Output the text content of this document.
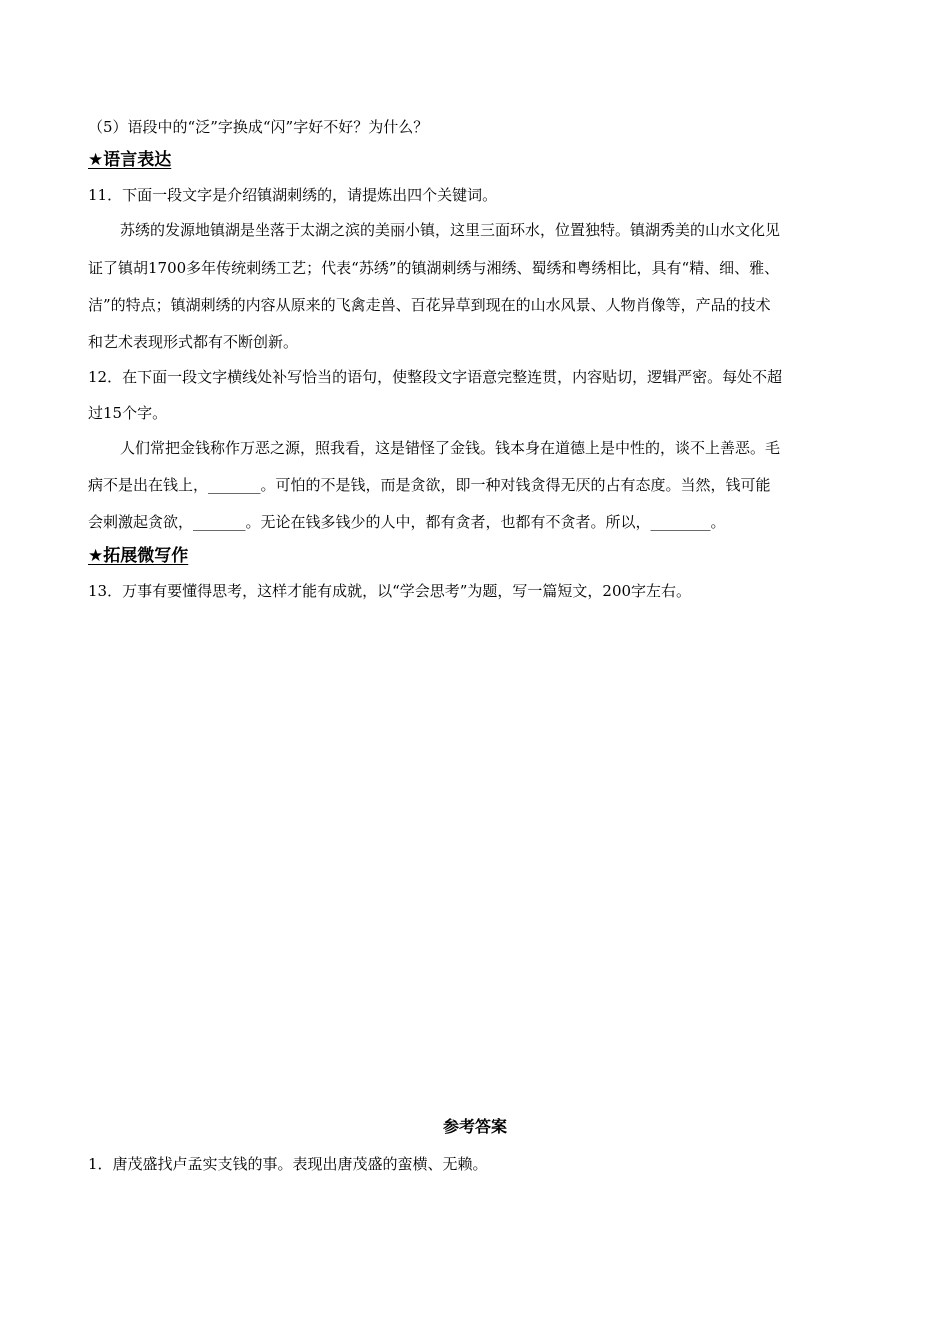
（5）语段中的“泛”字换成“闪”字好不好？为什么？
★语言表达
11．下面一段文字是介绍镇湖刺绣的，请提炼出四个关键词。
苏绣的发源地镇湖是坐落于太湖之滨的美丽小镇，这里三面环水，位置独特。镇湖秀美的山水文化见
证了镇胡1700多年传统刺绣工艺；代表“苏绣”的镇湖刺绣与湘绣、蜀绣和粤绣相比，具有“精、细、雅、
洁”的特点；镇湖刺绣的内容从原来的飞禽走兽、百花异草到现在的山水风景、人物肖像等，产品的技术
和艺术表现形式都有不断创新。
12．在下面一段文字横线处补写恰当的语句，使整段文字语意完整连贯，内容贴切，逻辑严密。每处不超
过15个字。
人们常把金钱称作万恶之源，照我看，这是错怪了金钱。钱本身在道德上是中性的，谈不上善恶。毛
病不是出在钱上，_______。可怕的不是钱，而是贪欲，即一种对钱贪得无厌的占有态度。当然，钱可能
会刺激起贪欲，_______。无论在钱多钱少的人中，都有贪者，也都有不贪者。所以，________。
★拓展微写作
13．万事有要懂得思考，这样才能有成就，以“学会思考”为题，写一篇短文，200字左右。
参考答案
1．唐茂盛找卢孟实支钱的事。表现出唐茂盛的蛮横、无赖。
